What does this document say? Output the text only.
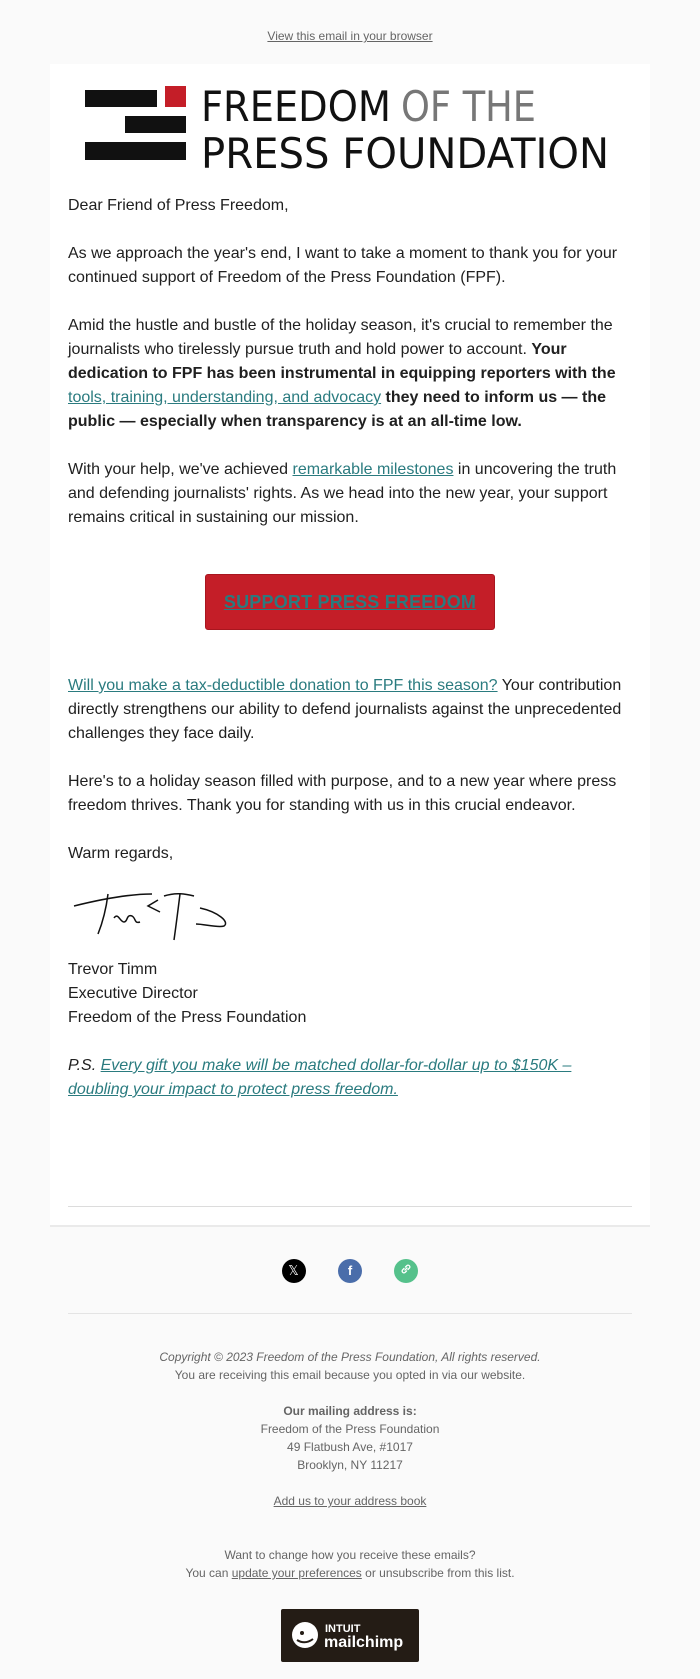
View this email in your browser
FREEDOM OF THE
PRESS FOUNDATION

Dear Friend of Press Freedom,

As we approach the year's end, I want to take a moment to thank you for your continued support of Freedom of the Press Foundation (FPF).

Amid the hustle and bustle of the holiday season, it's crucial to remember the journalists who tirelessly pursue truth and hold power to account. Your dedication to FPF has been instrumental in equipping reporters with the tools, training, understanding, and advocacy they need to inform us — the public — especially when transparency is at an all-time low.

With your help, we've achieved remarkable milestones in uncovering the truth and defending journalists' rights. As we head into the new year, your support remains critical in sustaining our mission.

SUPPORT PRESS FREEDOM

Will you make a tax-deductible donation to FPF this season? Your contribution directly strengthens our ability to defend journalists against the unprecedented challenges they face daily.

Here's to a holiday season filled with purpose, and to a new year where press freedom thrives. Thank you for standing with us in this crucial endeavor.

Warm regards,

Trevor Timm
Executive Director
Freedom of the Press Foundation

P.S. Every gift you make will be matched dollar-for-dollar up to $150K – doubling your impact to protect press freedom.

𝕏	f

Copyright © 2023 Freedom of the Press Foundation, All rights reserved.
You are receiving this email because you opted in via our website.

Our mailing address is:
Freedom of the Press Foundation
49 Flatbush Ave, #1017
Brooklyn, NY 11217

Add us to your address book

Want to change how you receive these emails?
You can update your preferences or unsubscribe from this list.

INTUIT
mailchimp
